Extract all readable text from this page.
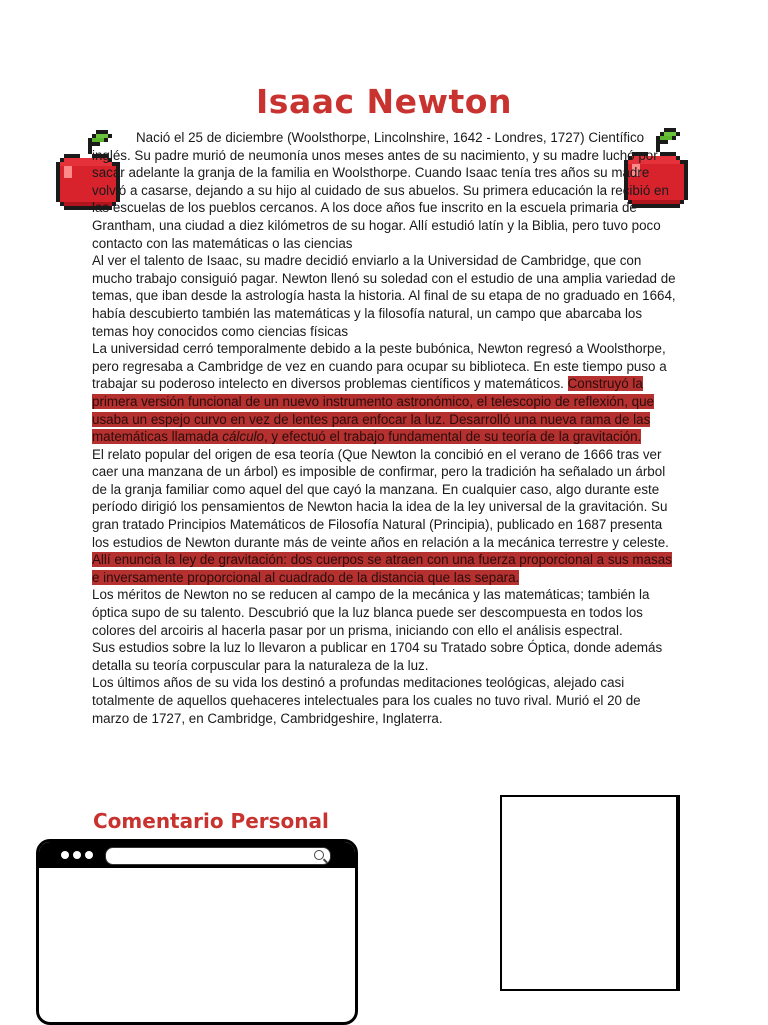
Isaac Newton

Nació el 25 de diciembre (Woolsthorpe, Lincolnshire, 1642 - Londres, 1727) Científico inglés. Su padre murió de neumonía unos meses antes de su nacimiento, y su madre luchó por sacar adelante la granja de la familia en Woolsthorpe. Cuando Isaac tenía tres años su madre volvió a casarse, dejando a su hijo al cuidado de sus abuelos. Su primera educación la recibió en las escuelas de los pueblos cercanos. A los doce años fue inscrito en la escuela primaria de Grantham, una ciudad a diez kilómetros de su hogar. Allí estudió latín y la Biblia, pero tuvo poco contacto con las matemáticas o las ciencias

Al ver el talento de Isaac, su madre decidió enviarlo a la Universidad de Cambridge, que con mucho trabajo consiguió pagar. Newton llenó su soledad con el estudio de una amplia variedad de temas, que iban desde la astrología hasta la historia. Al final de su etapa de no graduado en 1664, había descubierto también las matemáticas y la filosofía natural, un campo que abarcaba los temas hoy conocidos como ciencias físicas

La universidad cerró temporalmente debido a la peste bubónica, Newton regresó a Woolsthorpe, pero regresaba a Cambridge de vez en cuando para ocupar su biblioteca. En este tiempo puso a trabajar su poderoso intelecto en diversos problemas científicos y matemáticos. Construyó la primera versión funcional de un nuevo instrumento astronómico, el telescopio de reflexión, que usaba un espejo curvo en vez de lentes para enfocar la luz. Desarrolló una nueva rama de las matemáticas llamada cálculo, y efectuó el trabajo fundamental de su teoría de la gravitación.

El relato popular del origen de esa teoría (Que Newton la concibió en el verano de 1666 tras ver caer una manzana de un árbol) es imposible de confirmar, pero la tradición ha señalado un árbol de la granja familiar como aquel del que cayó la manzana. En cualquier caso, algo durante este período dirigió los pensamientos de Newton hacia la idea de la ley universal de la gravitación. Su gran tratado Principios Matemáticos de Filosofía Natural (Principia), publicado en 1687 presenta los estudios de Newton durante más de veinte años en relación a la mecánica terrestre y celeste. Allí enuncia la ley de gravitación: dos cuerpos se atraen con una fuerza proporcional a sus masas e inversamente proporcional al cuadrado de la distancia que las separa.

Los méritos de Newton no se reducen al campo de la mecánica y las matemáticas; también la óptica supo de su talento. Descubrió que la luz blanca puede ser descompuesta en todos los colores del arcoiris al hacerla pasar por un prisma, iniciando con ello el análisis espectral.

Sus estudios sobre la luz lo llevaron a publicar en 1704 su Tratado sobre Óptica, donde además detalla su teoría corpuscular para la naturaleza de la luz.

Los últimos años de su vida los destinó a profundas meditaciones teológicas, alejado casi totalmente de aquellos quehaceres intelectuales para los cuales no tuvo rival. Murió el 20 de marzo de 1727, en Cambridge, Cambridgeshire, Inglaterra.

Comentario Personal
